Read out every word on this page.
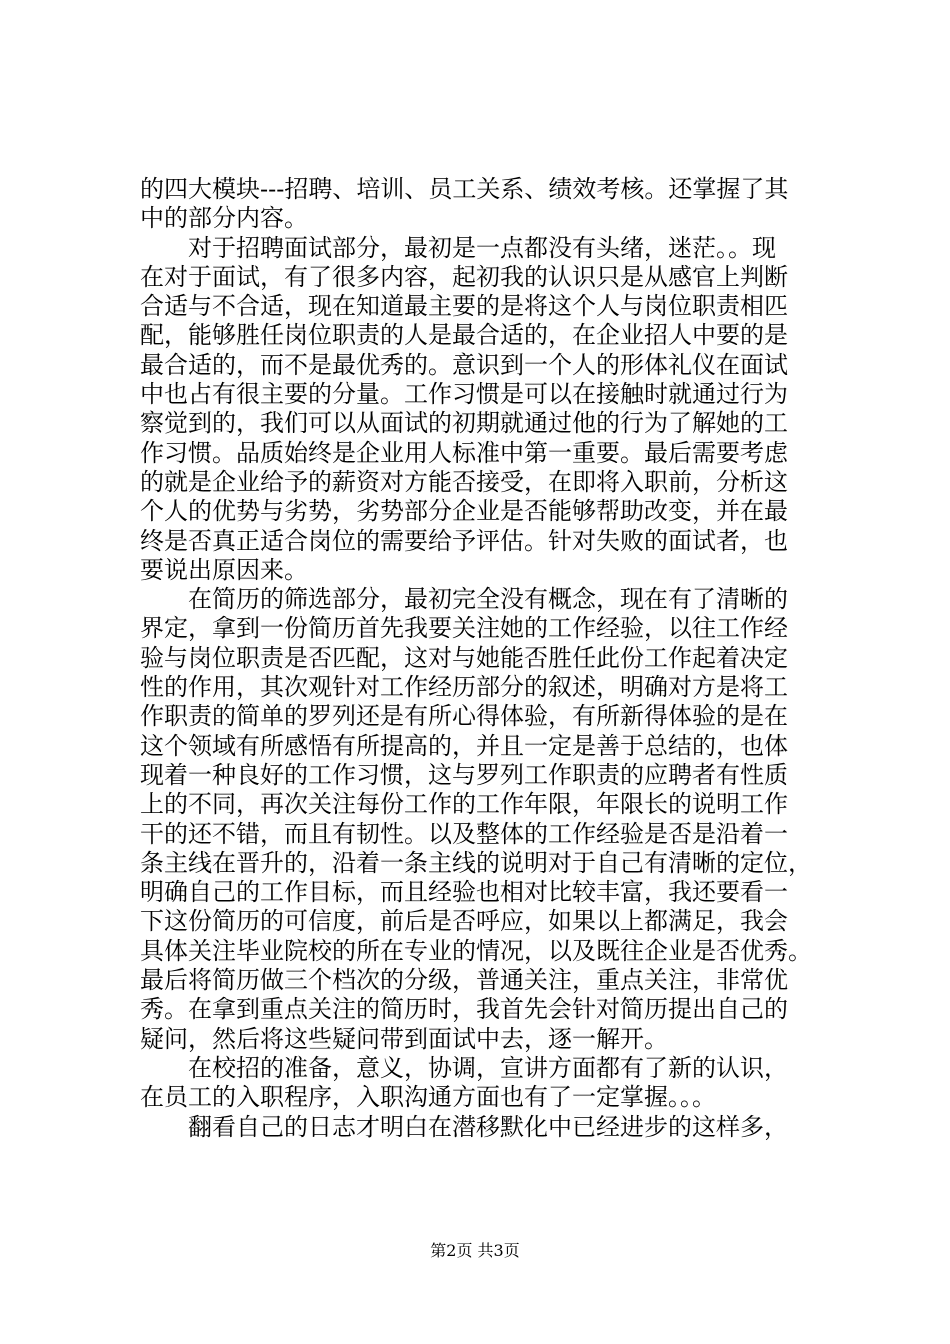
的四大模块---招聘、培训、员工关系、绩效考核。还掌握了其
中的部分内容。
　　对于招聘面试部分，最初是一点都没有头绪，迷茫。。现
在对于面试，有了很多内容，起初我的认识只是从感官上判断
合适与不合适，现在知道最主要的是将这个人与岗位职责相匹
配，能够胜任岗位职责的人是最合适的，在企业招人中要的是
最合适的，而不是最优秀的。意识到一个人的形体礼仪在面试
中也占有很主要的分量。工作习惯是可以在接触时就通过行为
察觉到的，我们可以从面试的初期就通过他的行为了解她的工
作习惯。品质始终是企业用人标准中第一重要。最后需要考虑
的就是企业给予的薪资对方能否接受，在即将入职前，分析这
个人的优势与劣势，劣势部分企业是否能够帮助改变，并在最
终是否真正适合岗位的需要给予评估。针对失败的面试者，也
要说出原因来。
　　在简历的筛选部分，最初完全没有概念，现在有了清晰的
界定，拿到一份简历首先我要关注她的工作经验，以往工作经
验与岗位职责是否匹配，这对与她能否胜任此份工作起着决定
性的作用，其次观针对工作经历部分的叙述，明确对方是将工
作职责的简单的罗列还是有所心得体验，有所新得体验的是在
这个领域有所感悟有所提高的，并且一定是善于总结的，也体
现着一种良好的工作习惯，这与罗列工作职责的应聘者有性质
上的不同，再次关注每份工作的工作年限，年限长的说明工作
干的还不错，而且有韧性。以及整体的工作经验是否是沿着一
条主线在晋升的，沿着一条主线的说明对于自己有清晰的定位，
明确自己的工作目标，而且经验也相对比较丰富，我还要看一
下这份简历的可信度，前后是否呼应，如果以上都满足，我会
具体关注毕业院校的所在专业的情况，以及既往企业是否优秀。
最后将简历做三个档次的分级，普通关注，重点关注，非常优
秀。在拿到重点关注的简历时，我首先会针对简历提出自己的
疑问，然后将这些疑问带到面试中去，逐一解开。
　　在校招的准备，意义，协调，宣讲方面都有了新的认识，
在员工的入职程序，入职沟通方面也有了一定掌握。。。
　　翻看自己的日志才明白在潜移默化中已经进步的这样多，
第2页 共3页
